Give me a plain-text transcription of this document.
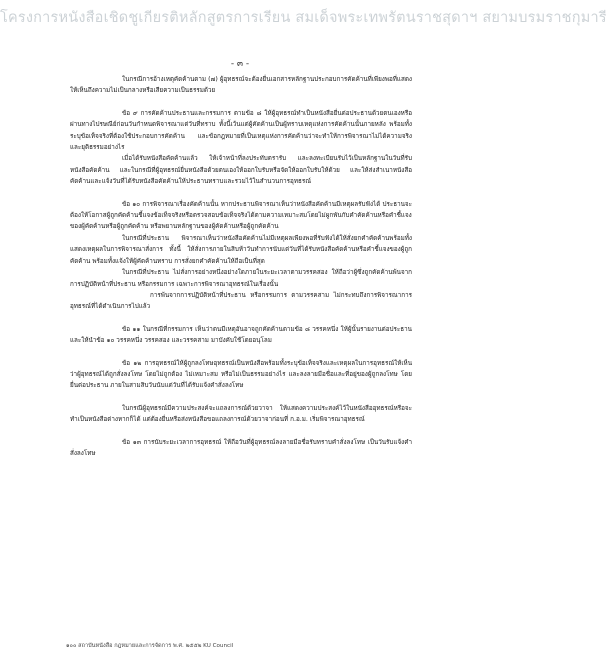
โครงการหนังสือเชิดชูเกียรติหลักสูตรการเรียน สมเด็จพระเทพรัตนราชสุดาฯ สยามบรมราชกุมารี
- ๓ -

ในกรณีการอ้างเหตุคัดค้านตาม (๗) ผู้อุทธรณ์จะต้องยื่นเอกสารหลักฐานประกอบการคัดค้านที่เพียงพอที่แสดงให้เห็นถึงความไม่เป็นกลางหรือเสียความเป็นธรรมด้วย

ข้อ ๙ การคัดค้านประธานและกรรมการ ตามข้อ ๘ ให้ผู้อุทธรณ์ทำเป็นหนังสือยื่นต่อประธานด้วยตนเองหรือผ่านทางไปรษณีย์ก่อนวันกำหนดพิจารณาแต่วันที่ทราบ ทั้งนี้เว้นแต่ผู้คัดค้านเป็นผู้ทราบเหตุแห่งการคัดค้านนั้นภายหลัง พร้อมทั้งระบุข้อเท็จจริงที่ต้องใช้ประกอบการคัดค้าน และข้อกฎหมายที่เป็นเหตุแห่งการคัดค้านว่าจะทำให้การพิจารณาไม่ได้ความจริงและยุติธรรมอย่างไร

เมื่อได้รับหนังสือคัดค้านแล้ว ให้เจ้าหน้าที่ลงประทับตรารับ และลงทะเบียนรับไว้เป็นหลักฐานในวันที่รับหนังสือคัดค้าน และในกรณีที่ผู้อุทธรณ์ยื่นหนังสือด้วยตนเองให้ออกใบรับหรือจัดให้ออกใบรับให้ด้วย และให้ส่งสำเนาหนังสือคัดค้านและแจ้งวันที่ได้รับหนังสือคัดค้านให้ประธานทราบและรวมไว้ในสำนวนการอุทธรณ์

ข้อ ๑๐ การพิจารณาเรื่องคัดค้านนั้น หากประธานพิจารณาเห็นว่าหนังสือคัดค้านมีเหตุผลรับฟังได้ ประธานจะต้องให้โอกาสผู้ถูกคัดค้านชี้แจงข้อเท็จจริงหรือตรวจสอบข้อเท็จจริงได้ตามความเหมาะสมโดยไม่ผูกพันกับคำคัดค้านหรือคำชี้แจงของผู้คัดค้านหรือผู้ถูกคัดค้าน หรือพยานหลักฐานของผู้คัดค้านหรือผู้ถูกคัดค้าน

ในกรณีที่ประธาน พิจารณาเห็นว่าหนังสือคัดค้านไม่มีเหตุผลเพียงพอที่รับฟังได้ให้สั่งยกคำคัดค้านพร้อมทั้งแสดงเหตุผลในการพิจารณาสั่งการ ทั้งนี้ ให้สั่งการภายในสิบห้าวันทำการนับแต่วันที่ได้รับหนังสือคัดค้านหรือคำชี้แจงของผู้ถูกคัดค้าน พร้อมทั้งแจ้งให้ผู้คัดค้านทราบ การสั่งยกคำคัดค้านให้ถือเป็นที่สุด

ในกรณีที่ประธาน ไม่สั่งการอย่างหนึ่งอย่างใดภายในระยะเวลาตามวรรคสอง ให้ถือว่าผู้ซึ่งถูกคัดค้านพ้นจากการปฏิบัติหน้าที่ประธาน หรือกรรมการ เฉพาะการพิจารณาอุทธรณ์ในเรื่องนั้น

การพ้นจากการปฏิบัติหน้าที่ประธาน หรือกรรมการ ตามวรรคสาม ไม่กระทบถึงการพิจารณาการอุทธรณ์ที่ได้ดำเนินการไปแล้ว

ข้อ ๑๑ ในกรณีที่กรรมการ เห็นว่าตนมีเหตุอันอาจถูกคัดค้านตามข้อ ๘ วรรคหนึ่ง ให้ผู้นั้นรายงานต่อประธาน และให้นำข้อ ๑๐ วรรคหนึ่ง วรรคสอง และวรรคสาม มาบังคับใช้โดยอนุโลม

ข้อ ๑๒ การอุทธรณ์ให้ผู้ถูกลงโทษอุทธรณ์เป็นหนังสือพร้อมทั้งระบุข้อเท็จจริงและเหตุผลในการอุทธรณ์ให้เห็นว่าผู้อุทธรณ์ได้ถูกสั่งลงโทษ โดยไม่ถูกต้อง ไม่เหมาะสม หรือไม่เป็นธรรมอย่างไร และลงลายมือชื่อและที่อยู่ของผู้ถูกลงโทษ โดยยื่นต่อประธาน ภายในสามสิบวันนับแต่วันที่ได้รับแจ้งคำสั่งลงโทษ

ในกรณีผู้อุทธรณ์มีความประสงค์จะแถลงการณ์ด้วยวาจา ให้แสดงความประสงค์ไว้ในหนังสืออุทธรณ์หรือจะทำเป็นหนังสือต่างหากก็ได้ แต่ต้องยื่นหรือส่งหนังสือขอแถลงการณ์ด้วยวาจาก่อนที่ ก.อ.ม. เริ่มพิจารณาอุทธรณ์

ข้อ ๑๓ การนับระยะเวลาการอุทธรณ์ ให้ถือวันที่ผู้อุทธรณ์ลงลายมือชื่อรับทราบคำสั่งลงโทษ เป็นวันรับแจ้งคำสั่งลงโทษ

๑๐๐ สถาบันหนังสือ กฎหมายและการจัดการ พ.ศ. ๒๕๕๒ KU Council
